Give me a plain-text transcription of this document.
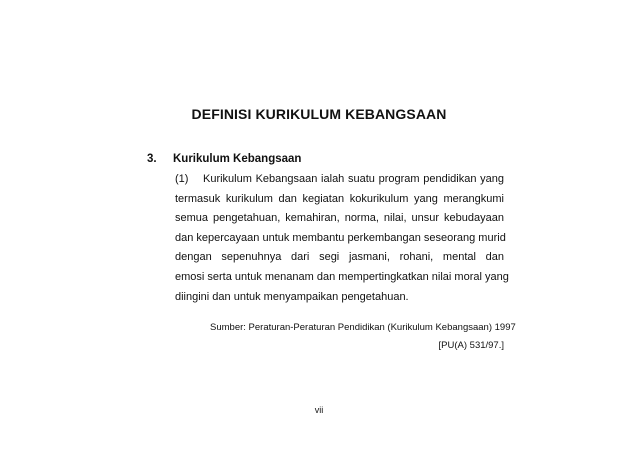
DEFINISI KURIKULUM KEBANGSAAN
3. Kurikulum Kebangsaan
(1) Kurikulum Kebangsaan ialah suatu program pendidikan yang
termasuk kurikulum dan kegiatan kokurikulum yang merangkumi
semua pengetahuan, kemahiran, norma, nilai, unsur kebudayaan
dan kepercayaan untuk membantu perkembangan seseorang murid
dengan sepenuhnya dari segi jasmani, rohani, mental dan
emosi serta untuk menanam dan mempertingkatkan nilai moral yang
diingini dan untuk menyampaikan pengetahuan.
Sumber: Peraturan-Peraturan Pendidikan (Kurikulum Kebangsaan) 1997
[PU(A) 531/97.]
vii
